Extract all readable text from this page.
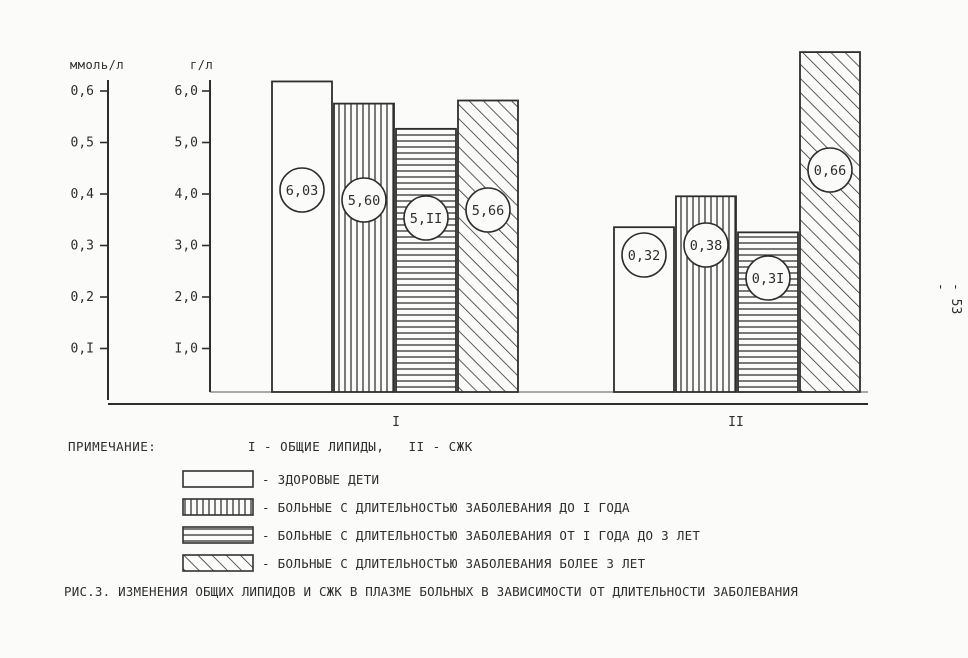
0,I
0,2
0,3
0,4
0,5
0,6
I,0
2,0
3,0
4,0
5,0
6,0
I	II
6,03
5,60
5,II 5,66
0,32
0,38
0,3I
0,66
ммоль/л	г/л
ПРИМЕЧАНИЕ:	I - ОБЩИЕ ЛИПИДЫ,   II - СЖК
- ЗДОРОВЫЕ ДЕТИ
- БОЛЬНЫЕ С ДЛИТЕЛЬНОСТЬЮ ЗАБОЛЕВАНИЯ ДО I ГОДА
- БОЛЬНЫЕ С ДЛИТЕЛЬНОСТЬЮ ЗАБОЛЕВАНИЯ ОТ I ГОДА ДО 3 ЛЕТ
- БОЛЬНЫЕ С ДЛИТЕЛЬНОСТЬЮ ЗАБОЛЕВАНИЯ БОЛЕЕ 3 ЛЕТ
РИС.3. ИЗМЕНЕНИЯ ОБЩИХ ЛИПИДОВ И СЖК В ПЛАЗМЕ БОЛЬНЫХ В ЗАВИСИМОСТИ ОТ ДЛИТЕЛЬНОСТИ ЗАБОЛЕВАНИЯ
- 53 -
